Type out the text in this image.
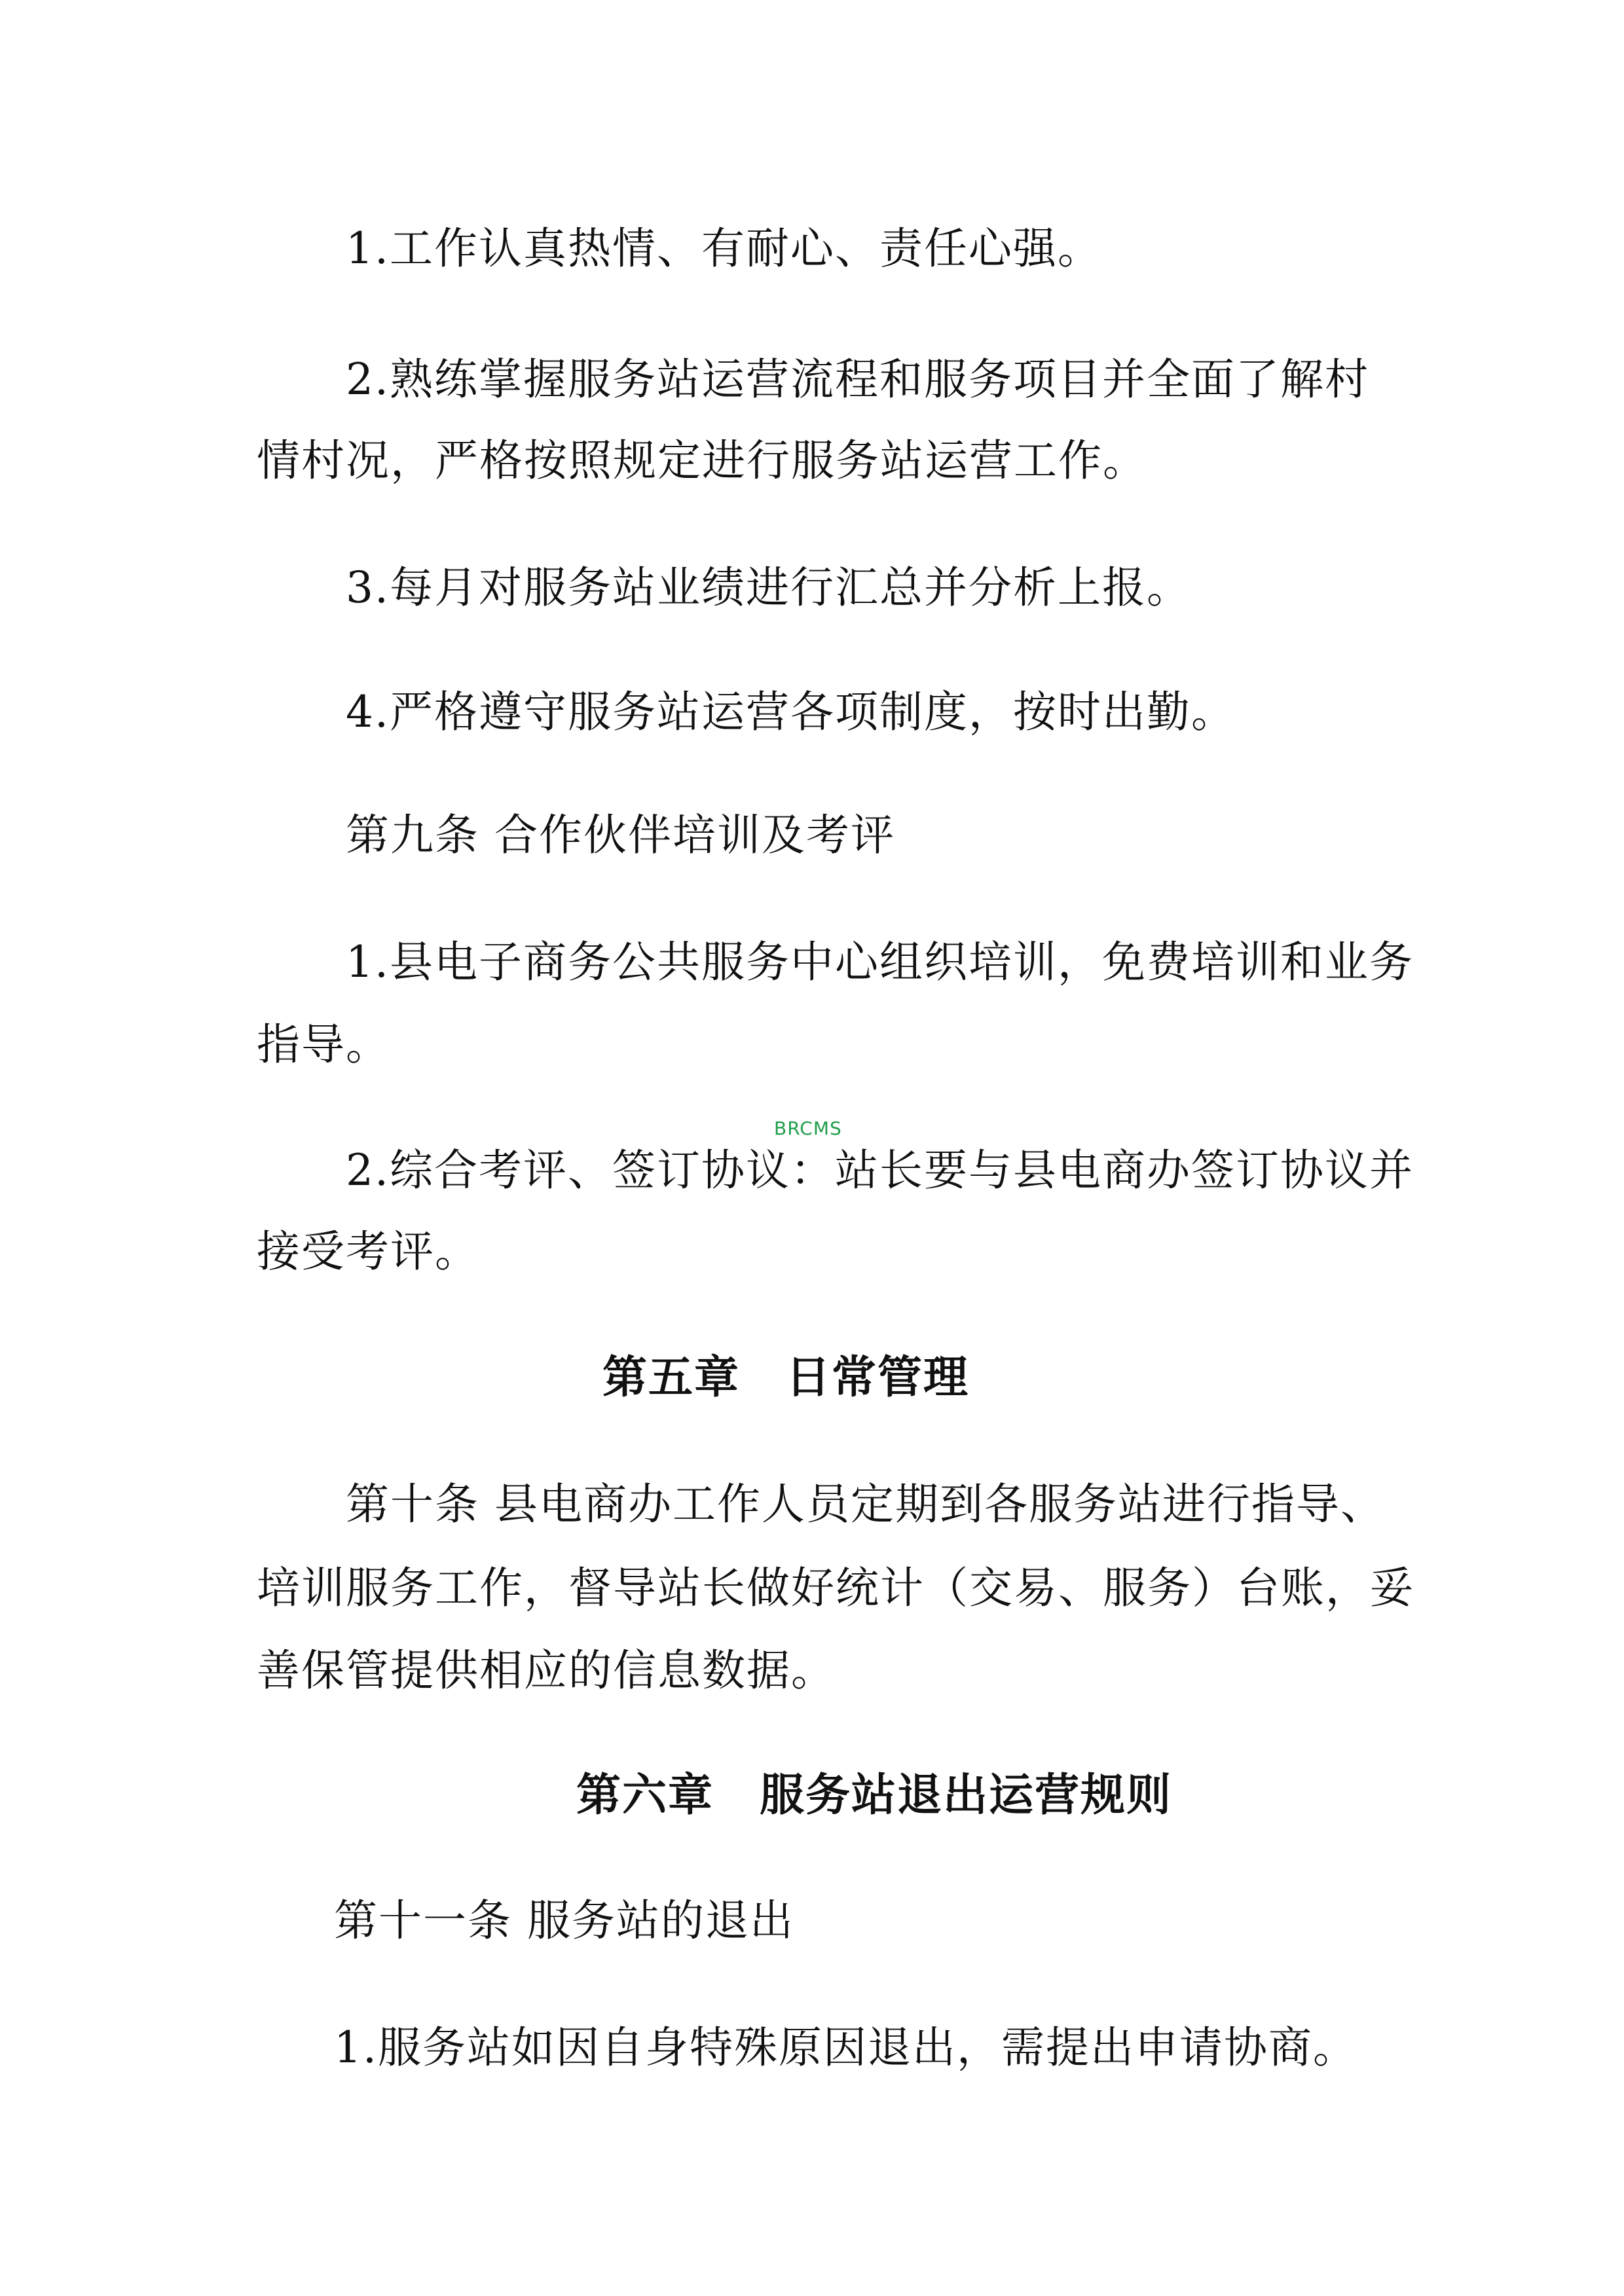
1.工作认真热情、有耐心、责任心强。
2.熟练掌握服务站运营流程和服务项目并全面了解村
情村况，严格按照规定进行服务站运营工作。
3.每月对服务站业绩进行汇总并分析上报。
4.严格遵守服务站运营各项制度，按时出勤。
第九条 合作伙伴培训及考评
1.县电子商务公共服务中心组织培训，免费培训和业务
指导。
BRCMS
2.综合考评、签订协议：站长要与县电商办签订协议并
接受考评。
第五章　日常管理
第十条 县电商办工作人员定期到各服务站进行指导、
培训服务工作，督导站长做好统计（交易、服务）台账，妥
善保管提供相应的信息数据。
第六章　服务站退出运营规则
第十一条 服务站的退出
1.服务站如因自身特殊原因退出，需提出申请协商。
